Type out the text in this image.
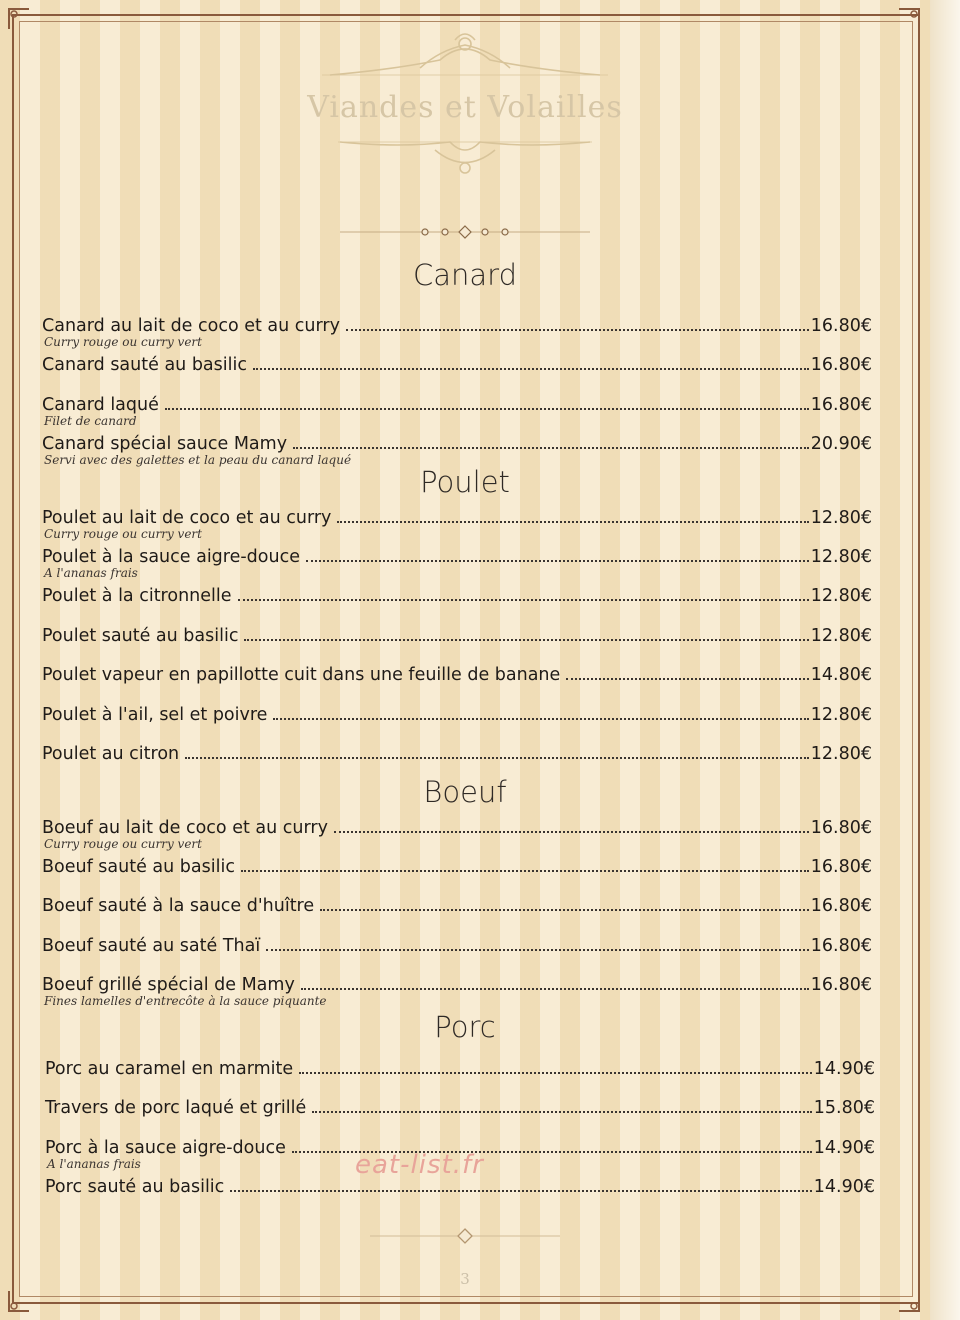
Viandes et Volailles
Canard
Canard au lait de coco et au curry	16.80€
Curry rouge ou curry vert
Canard sauté au basilic	16.80€
Canard laqué	16.80€
Filet de canard
Canard spécial sauce Mamy	20.90€
Servi avec des galettes et la peau du canard laqué
Poulet
Poulet au lait de coco et au curry	12.80€
Curry rouge ou curry vert
Poulet à la sauce aigre-douce	12.80€
A l'ananas frais
Poulet à la citronnelle	12.80€
Poulet sauté au basilic	12.80€
Poulet vapeur en papillotte cuit dans une feuille de banane	14.80€
Poulet à l'ail, sel et poivre	12.80€
Poulet au citron	12.80€
Boeuf
Boeuf au lait de coco et au curry	16.80€
Curry rouge ou curry vert
Boeuf sauté au basilic	16.80€
Boeuf sauté à la sauce d'huître	16.80€
Boeuf sauté au saté Thaï	16.80€
Boeuf grillé spécial de Mamy	16.80€
Fines lamelles d'entrecôte à la sauce piquante
Porc
Porc au caramel en marmite	14.90€
Travers de porc laqué et grillé	15.80€
Porc à la sauce aigre-douce	14.90€
A l'ananas frais
Porc sauté au basilic	14.90€
eat-list.fr
3
